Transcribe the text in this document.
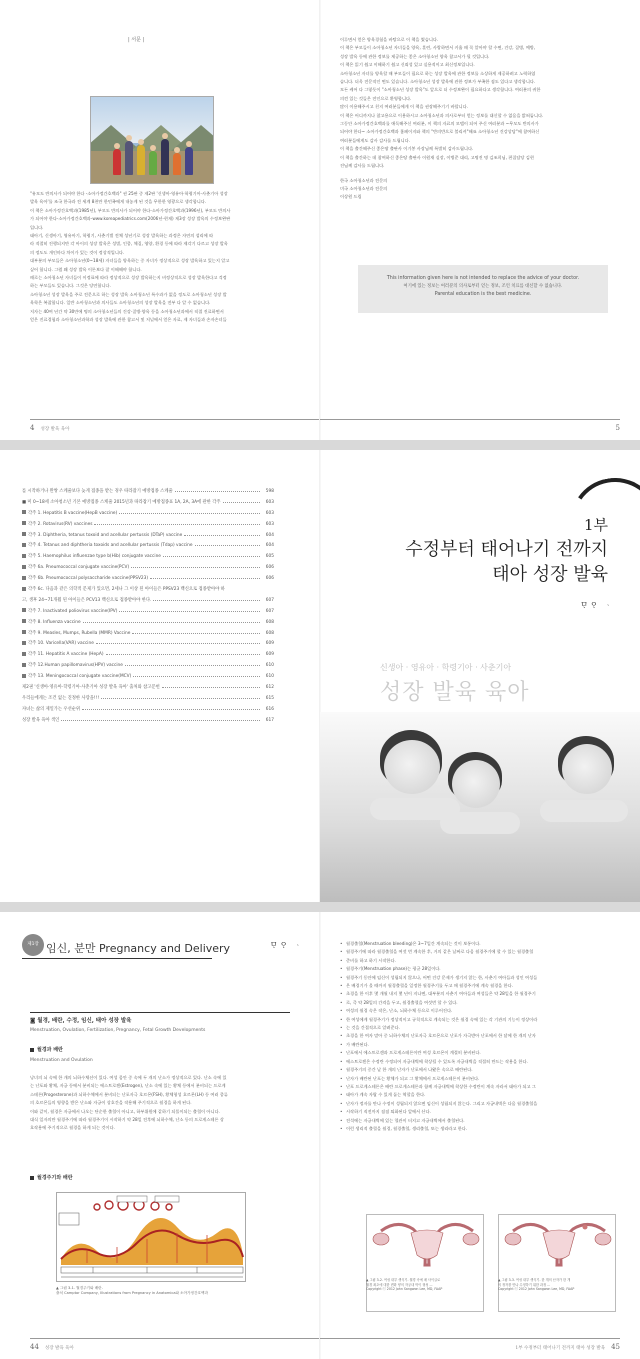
| 서문 |

"유모도 반의사가 되어야 한다 -소아가정간호백과" 권 25판 중 제2판 '신생아·영유아·학령기아·사춘기아 성장

발육 육아'를 조국 한국과 전 세계 8천만 한민족에게 내놓게 된 것을 무한한 영광으로 생각합니다.

이 책은 소아가정간호백과(1985년), 부모도 반의사가 되어야 한다-소아가정간호백과(1996년), 부모도 반의사

가 되어야 한다-소아가정간호백과-www.koreapediatrics.com(2006년-현재) 제3장 성장 발육의 수정보완판

입니다.

태아기, 신생아기, 영유아기, 학령기, 사춘기별 전체 성년기로 성장 발육하는 과정은 자연의 섭리에 따

라 적절히 진행되지만 각 아이의 성장 발육은 성별, 인종, 체질, 영양, 환경 등에 따라 제각기 다르고 성장 발육

의 정도도 개인마다 차이가 있는 것이 정상적입니다.

대부분의 부모들은 소아청소년(0~18세) 자녀들을 양육하는 중 자녀가 정상적으로 성장 발육하고 있는지 알고

싶어 합니다. 그럼 왜 성장 발육 이론보다 잘 이해해야 합니다.

때로는 소아청소년 자녀들이 이정표에 따라 정상적으로 성장 발육하는지 비정상적으로 성장 발육한다고 걱정

하는 부모들도 있습니다. 그것은 당연합니다.

소아청소년 성장 발육을 주로 전문으로 하는 성장 발육 소아청소년 특수과가 없을 정도로 소아청소년 성장 발

육학은 복잡합니다. 일반 소아청소년과 의사들도 소아청소년의 성장 발육을 전부 다 알 수 없습니다.

저자는 40여 년간 약 30만에 명의 소아청소년들의 건강·질병·양육 등을 소아청소년과에서 직접 진료하면서

얻은 진료경험과 소아청소년과학과 성장 발육에 관한 참고서 및 저널에서 얻은 자료, 제 자녀들과 손자손녀들

4 성장 발육 육아

이루면서 얻은 양육경험을 바탕으로 이 책을 썼습니다.

이 책은 부모들이 소아청소년 자녀들을 양육, 훈련, 사랑하면서 키울 때 꼭 알아야 할 수면, 건강, 질병, 예방,

성장 발육 등에 관한 정보를 제공하는 좋은 소아청소년 양육 참고서가 될 것입니다.

이 책은 읽기 쉽고 이해하기 쉽고 신뢰성 있고 실용적이고 최신정보입니다.

소아청소년 자녀를 양육할 때 부모들이 필요로 하는 성장 발육에 관한 정보를 소상하게 제공하려고 노력하였

습니다. 더욱 전문적인 면도 있습니다. 소아청소년 성장 발육에 관한 정보가 부족한 점도 있다고 생각합니다.

모든 케어 다 그렇듯이 "소아청소년 성장 발육"도 앞으로 더 수정보완이 필요하다고 생각합니다. 여러분의 귀한

의견 있는 것들은 전인으로 환영합니다.

많이 이용해주시고 친지 여러분들에게 이 책을 권장해주기기 바랍니다.

이 책은 어디까지나 참고용으로 이용하시고 소아청소년과 의사로부터 얻는 정보를 대신할 수 없음을 밝혀둡니다.

그동안 소아가정간호백과를 애독해주신 여러분, 이 책의 자료의 모델이 되어 주신 여러분과 ~무모도 반의사가

되어야 한다~ 소아가정간호백과 홈페이지와 책의 "반의반으로 불리셔"해죠 소아청소년 건강상담"에 참여하신

여러분들에게도 감사 감사를 드립니다.

이 책을 출간해주신 좋은땅 출판사 이기봉 사장님께 특별히 감사드립니다.

이 책을 출간하는 데 참여하신 좋은땅 출판사 이원재 실장, 이병준 대리, 고명진 명 김조희님, 편집담당 김현

진님께 감사를 드립니다.

한국 소아청소년과 전문의

미국 소아청소년과 전문의

이상원 드림

This information given here is not intended to replace the advice of your doctor.
여기에 있는 정보는 여러분의 의사로부터 얻는 정보, 조언 치료를 대신할 수 없습니다.
Parental education is the best medicine.
5
를 시작하거나 완쌍 스케줄보다 늦게 접종을 받는 경우 따라잡기 예방접종 스케줄	598
■ 미 0~18세 소아청소년 기본 예방접종 스케줄 2015년과 따라잡기 예방접종표 1A, 2A, 3A에 관한 각주	603
각주 1. Hepatitis B vaccine(HepB vaccine)	603
각주 2. Rotavirus(RV) vaccines	603
각주 3. Diphtheria, tetanus toxoid and acellular pertussis (DTaP) vaccine	604
각주 4. Tetanus and diphtheria toxoids and acellular pertussis (Tdap) vaccine	604
각주 5. Haemophilus influenzae type b(Hib) conjugate vaccine	605
각주 6a. Pneumococcal conjugate vaccine(PCV)	606
각주 6b. Pneumococcal polysaccharide vaccine(PPSV23)	606
각주 6c. 다음과 같은 의학적 문제가 있으면, 2세나 그 이상 된 아이들은 PPSV23 백신으로 접종받아야 하
고, 생후 24~71개월 된 아이들은 PCV13 백신으로 접종받아야 한다.	607
각주 7. Inactivated poliovirus vaccine(IPV)	607
각주 8. Influenza vaccine	608
각주 9. Measles, Mumps, Rubella (MMR) Vaccine	608
각주 10. Varicella(VAR) vaccine	609
각주 11. Hepatitis A vaccine (HepA)	609
각주 12.Human papillomavirus(HPV) vaccine	610
각주 13. Meningococcal conjugate vaccine(MCV)	610
제2권 '신생아·영유아·학령기아·사춘기아 성장 발육 육아' 출처와 참고문헌	612
우리들에게는 조건 없는 진정한 사랑을!!!	615
자녀는 삶의 제일가는 우선순위	616
성장 발육 육아 색인	617
1부
수정부터 태어나기 전까지
태아 성장 발육
ᄆᆞᄋᆞ ᆞ
신생아 · 영유아 · 학령기아 · 사춘기아
성장 발육 육아
제1장 임신, 분만 Pregnancy and Delivery	ᄆᆞᄋᆞ ᆞ
◙ 월경, 배란, 수정, 임신, 태아 성장 발육
Menstruation, Ovulation, Fertilization, Pregnancy, Fetal Growth Developments
월경과 배란
Menstruation and Ovulation

낭녀의 뇌 속에 한 개의 뇌하수체선이 있다. 여성 몸안 중 속에 두 개의 난소가 정상적으로 있다. 난소 속에 있

는 난포와 황체, 자궁 등에서 분비되는 에스트로겐(Estrogen), 난소 속에 있는 황체 등에서 분비되는 프로게

스테론(Progesterone)과 뇌하수체에서 분비되는 난포자극 호르몬(FSH), 황체형성 호르몬(LH) 등 여러 종류

의 호르몬들의 영향을 받은 난소와 자궁이 상호간을 작용해 주기적으로 월경을 하게 된다.

이와 같이, 월경은 자궁에서 나오는 단순한 출혈이 아니고, 하부위원에 같하기 되풀이되는 출혈이 아니다.

대식 일자의만 월경주기에 따라 월경주기이 시작하기 약 28일 전후에 뇌하수체, 난소 등의 프로게스테론 상

호작용에 주기적으로 월경을 하게 되는 것이다.

월경주기와 배란
▲ 그림 3-1. 월경주기와 배란.
출처 Camptor Company, Illustrations from Pregnancy in Anatomica와 소아가정간호백과
44 성장 발육 육아

• 월경출혈(Menstruation bleeding)은 3~7일간 계속되는 것이 보통이다.

• 월경주기에 따라 월경출혈을 여섯 번 계속한 후, 거의 같은 날짜로 다음 월경주기에 할 수 있는 월경출혈

• 준비를 하고 하기 시작한다.

• 월경주기(Menstruation phase)는 평균 28일이다.

• 월경주기 동안에 임신이 성립되지 않으나, 어떤 건강 문제가 생기지 않는 한, 사춘기 여아들과 성인 여성들

• 은 배경기가 올 때까지 월경출혈을 일정한 월경주기를 두고 매 월경주기에 계속 월경을 한다.

• 초경을 한 이후 몇 개월 내지 몇 년이 지나면, 대부분의 사춘기 여아들과 여성들은 약 28일을 한 월경주기

• 로, 즉 약 28일의 간격을 두고, 월경출혈을 여섯번 할 수 있다.

• 여성의 월경 속은 작은, 난소, 뇌하수체 등으로 이루어진다.

• 한 여성에게 월경주기가 정상적이고 규칙적으로 계속되는 것은 월경 속에 있는 각 기관의 기능이 정상이라

• 는 것을 간접적으로 알려준다.

• 초경을 한 여자 말아 중 뇌하수체의 난포자극 호르몬으로 난포가 자극받아 난포에서 한 달에 한 개의 난자

• 가 배란된다.

• 난포에서 에스트로겐과 프로게스테론이란 여성 호르몬이 계절히 분비된다.

• 에스트로겐은 수정란 수정되어 자궁내벽에 착상될 수 있도록 자궁내벽을 적절히 만드는 작용을 한다.

• 월경주기의 중간 날 한 개의 난자가 난포에서 나왔은 속으로 배란된다.

• 난자가 배란된 난포는 황체가 되고 그 황체에서 프로게스테론이 분비된다.

• 난포 프로게스테론은 배란 프로게스테론과 함께 자궁내벽에 착상한 수정란이 계속 자라서 태아가 되고 그

• 태아가 계속 자랄 수 있게 돕는 역할을 한다.

• 난자가 정자를 만나 수정이 성립되지 않으면 임신이 성립되지 않는다. 그리고 자궁내벽은 다음 월경출혈을

• 시작하기 직전까지 점점 퇴화된다 앞에서 산다.

• 전석에는 자궁내벽에 있는 혈관이 터지고 자궁내벽에서 출혈된다.

• 이런 생리적 출혈을 월경, 월경출혈, 생리출혈, 또는 생리라고 한다.

▲ 그림 3-2. 여성 내부 생식기. 월경 속에 매 사이클로
월경 최초에 대한 변화 양의 자궁내 막이 형성 ...
Copyright ⓒ 2012 John Sangwon Lee, MD, FAAP
▲ 그림 3-3. 여성 내부 생식기. 한 개의 난자가 한 개
의 정자를 만나 수정하기 위한 과정 ...
Copyright ⓒ 2012 John Sangwon Lee, MD, FAAP
1부 수정부터 태어나기 전까지 태아 성장 발육 45
